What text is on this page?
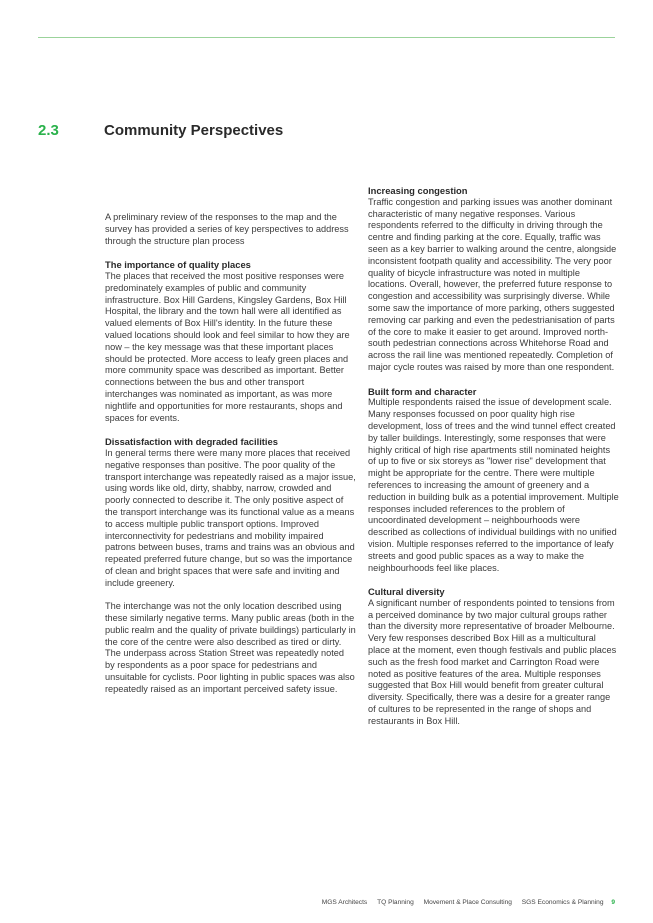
2.3	Community Perspectives

A preliminary review of the responses to the map and the survey has provided a series of key perspectives to address through the structure plan process

The importance of quality places

The places that received the most positive responses were predominately examples of public and community infrastructure. Box Hill Gardens, Kingsley Gardens, Box Hill Hospital, the library and the town hall were all identified as valued elements of Box Hill's identity. In the future these valued locations should look and feel similar to how they are now – the key message was that these important places should be protected. More access to leafy green places and more community space was described as important. Better connections between the bus and other transport interchanges was nominated as important, as was more nightlife and opportunities for more restaurants, shops and spaces for events.

Dissatisfaction with degraded facilities

In general terms there were many more places that received negative responses than positive. The poor quality of the transport interchange was repeatedly raised as a major issue, using words like old, dirty, shabby, narrow, crowded and poorly connected to describe it. The only positive aspect of the transport interchange was its functional value as a means to access multiple public transport options. Improved interconnectivity for pedestrians and mobility impaired patrons between buses, trams and trains was an obvious and repeated preferred future change, but so was the importance of clean and bright spaces that were safe and inviting and include greenery.

The interchange was not the only location described using these similarly negative terms. Many public areas (both in the public realm and the quality of private buildings) particularly in the core of the centre were also described as tired or dirty. The underpass across Station Street was repeatedly noted by respondents as a poor space for pedestrians and unsuitable for cyclists. Poor lighting in public spaces was also repeatedly raised as an important perceived safety issue.

Increasing congestion

Traffic congestion and parking issues was another dominant characteristic of many negative responses. Various respondents referred to the difficulty in driving through the centre and finding parking at the core. Equally, traffic was seen as a key barrier to walking around the centre, alongside inconsistent footpath quality and accessibility. The very poor quality of bicycle infrastructure was noted in multiple locations. Overall, however, the preferred future response to congestion and accessibility was surprisingly diverse. While some saw the importance of more parking, others suggested removing car parking and even the pedestrianisation of parts of the core to make it easier to get around. Improved north-south pedestrian connections across Whitehorse Road and across the rail line was mentioned repeatedly. Completion of major cycle routes was raised by more than one respondent.

Built form and character

Multiple respondents raised the issue of development scale. Many responses focussed on poor quality high rise development, loss of trees and the wind tunnel effect created by taller buildings. Interestingly, some responses that were highly critical of high rise apartments still nominated heights of up to five or six storeys as "lower rise" development that might be appropriate for the centre. There were multiple references to increasing the amount of greenery and a reduction in building bulk as a potential improvement. Multiple responses included references to the problem of uncoordinated development – neighbourhoods were described as collections of individual buildings with no unified vision. Multiple responses referred to the importance of leafy streets and good public spaces as a way to make the neighbourhoods feel like places.

Cultural diversity

A significant number of respondents pointed to tensions from a perceived dominance by two major cultural groups rather than the diversity more representative of broader Melbourne. Very few responses described Box Hill as a multicultural place at the moment, even though festivals and public places such as the fresh food market and Carrington Road were noted as positive features of the area. Multiple responses suggested that Box Hill would benefit from greater cultural diversity. Specifically, there was a desire for a greater range of cultures to be represented in the range of shops and restaurants in Box Hill.

MGS Architects TQ Planning Movement & Place Consulting SGS Economics & Planning 9
